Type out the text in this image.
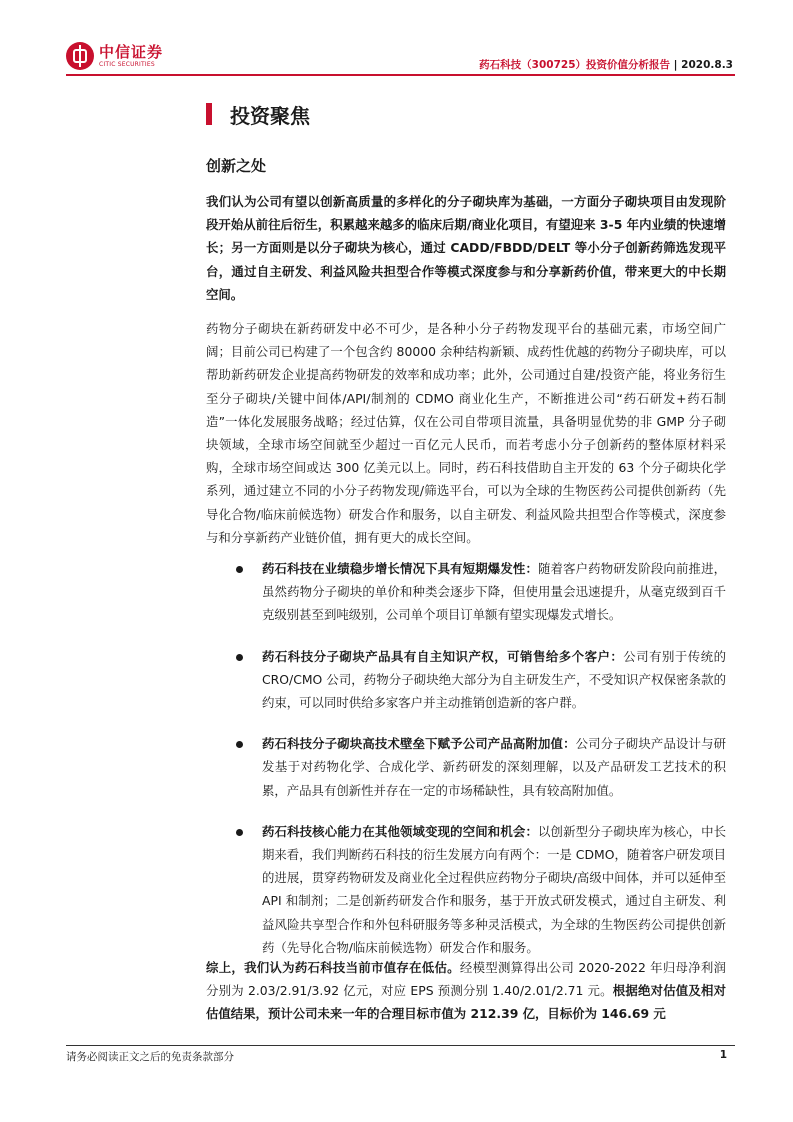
中信证券
CITIC SECURITIES	药石科技（300725）投资价值分析报告 | 2020.8.3
投资聚焦
创新之处

我们认为公司有望以创新高质量的多样化的分子砌块库为基础，一方面分子砌块项目由发现阶段开始从前往后衍生，积累越来越多的临床后期/商业化项目，有望迎来 3-5 年内业绩的快速增长；另一方面则是以分子砌块为核心，通过 CADD/FBDD/DELT 等小分子创新药筛选发现平台，通过自主研发、利益风险共担型合作等模式深度参与和分享新药价值，带来更大的中长期空间。

药物分子砌块在新药研发中必不可少，是各种小分子药物发现平台的基础元素，市场空间广阔；目前公司已构建了一个包含约 80000 余种结构新颖、成药性优越的药物分子砌块库，可以帮助新药研发企业提高药物研发的效率和成功率；此外，公司通过自建/投资产能，将业务衍生至分子砌块/关键中间体/API/制剂的 CDMO 商业化生产，不断推进公司“药石研发+药石制造”一体化发展服务战略；经过估算，仅在公司自带项目流量，具备明显优势的非 GMP 分子砌块领域，全球市场空间就至少超过一百亿元人民币，而若考虑小分子创新药的整体原材料采购，全球市场空间或达 300 亿美元以上。同时，药石科技借助自主开发的 63 个分子砌块化学系列，通过建立不同的小分子药物发现/筛选平台，可以为全球的生物医药公司提供创新药（先导化合物/临床前候选物）研发合作和服务，以自主研发、利益风险共担型合作等模式，深度参与和分享新药产业链价值，拥有更大的成长空间。

药石科技在业绩稳步增长情况下具有短期爆发性：随着客户药物研发阶段向前推进，虽然药物分子砌块的单价和种类会逐步下降，但使用量会迅速提升，从毫克级到百千克级别甚至到吨级别，公司单个项目订单额有望实现爆发式增长。
药石科技分子砌块产品具有自主知识产权，可销售给多个客户：公司有别于传统的 CRO/CMO 公司，药物分子砌块绝大部分为自主研发生产，不受知识产权保密条款的约束，可以同时供给多家客户并主动推销创造新的客户群。
药石科技分子砌块高技术壁垒下赋予公司产品高附加值：公司分子砌块产品设计与研发基于对药物化学、合成化学、新药研发的深刻理解，以及产品研发工艺技术的积累，产品具有创新性并存在一定的市场稀缺性，具有较高附加值。
药石科技核心能力在其他领域变现的空间和机会：以创新型分子砌块库为核心，中长期来看，我们判断药石科技的衍生发展方向有两个：一是 CDMO，随着客户研发项目的进展，贯穿药物研发及商业化全过程供应药物分子砌块/高级中间体，并可以延伸至 API 和制剂；二是创新药研发合作和服务，基于开放式研发模式，通过自主研发、利益风险共享型合作和外包科研服务等多种灵活模式，为全球的生物医药公司提供创新药（先导化合物/临床前候选物）研发合作和服务。

综上，我们认为药石科技当前市值存在低估。经模型测算得出公司 2020-2022 年归母净利润分别为 2.03/2.91/3.92 亿元，对应 EPS 预测分别 1.40/2.01/2.71 元。根据绝对估值及相对估值结果，预计公司未来一年的合理目标市值为 212.39 亿，目标价为 146.69 元

请务必阅读正文之后的免责条款部分	1
